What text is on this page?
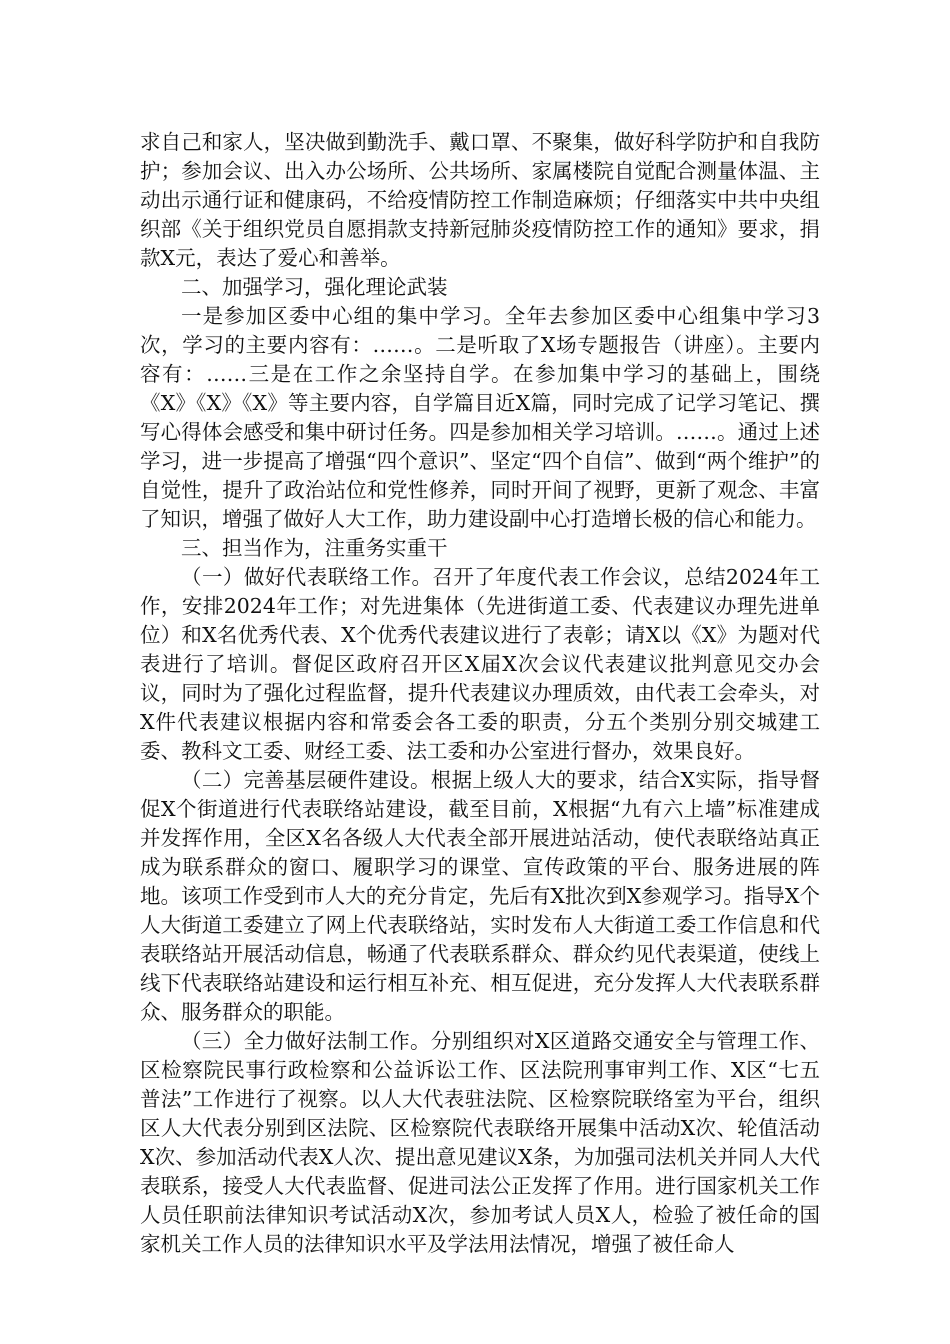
求自己和家人，坚决做到勤洗手、戴口罩、不聚集，做好科学防护和自我防护；参加会议、出入办公场所、公共场所、家属楼院自觉配合测量体温、主动出示通行证和健康码，不给疫情防控工作制造麻烦；仔细落实中共中央组织部《关于组织党员自愿捐款支持新冠肺炎疫情防控工作的通知》要求，捐款X元，表达了爱心和善举。

二、加强学习，强化理论武装

一是参加区委中心组的集中学习。全年去参加区委中心组集中学习3次，学习的主要内容有：……。二是听取了X场专题报告（讲座）。主要内容有：……三是在工作之余坚持自学。在参加集中学习的基础上，围绕《X》《X》《X》等主要内容，自学篇目近X篇，同时完成了记学习笔记、撰写心得体会感受和集中研讨任务。四是参加相关学习培训。……。通过上述学习，进一步提高了增强“四个意识”、坚定“四个自信”、做到“两个维护”的自觉性，提升了政治站位和党性修养，同时开间了视野，更新了观念、丰富了知识，增强了做好人大工作，助力建设副中心打造增长极的信心和能力。

三、担当作为，注重务实重干

（一）做好代表联络工作。召开了年度代表工作会议，总结2024年工作，安排2024年工作；对先进集体（先进街道工委、代表建议办理先进单位）和X名优秀代表、X个优秀代表建议进行了表彰；请X以《X》为题对代表进行了培训。督促区政府召开区X届X次会议代表建议批判意见交办会议，同时为了强化过程监督，提升代表建议办理质效，由代表工会牵头，对X件代表建议根据内容和常委会各工委的职责，分五个类别分别交城建工委、教科文工委、财经工委、法工委和办公室进行督办，效果良好。

（二）完善基层硬件建设。根据上级人大的要求，结合X实际，指导督促X个街道进行代表联络站建设，截至目前，X根据“九有六上墙”标准建成并发挥作用，全区X名各级人大代表全部开展进站活动，使代表联络站真正成为联系群众的窗口、履职学习的课堂、宣传政策的平台、服务进展的阵地。该项工作受到市人大的充分肯定，先后有X批次到X参观学习。指导X个人大街道工委建立了网上代表联络站，实时发布人大街道工委工作信息和代表联络站开展活动信息，畅通了代表联系群众、群众约见代表渠道，使线上线下代表联络站建设和运行相互补充、相互促进，充分发挥人大代表联系群众、服务群众的职能。

（三）全力做好法制工作。分别组织对X区道路交通安全与管理工作、区检察院民事行政检察和公益诉讼工作、区法院刑事审判工作、X区“七五普法”工作进行了视察。以人大代表驻法院、区检察院联络室为平台，组织区人大代表分别到区法院、区检察院代表联络开展集中活动X次、轮值活动X次、参加活动代表X人次、提出意见建议X条，为加强司法机关并同人大代表联系，接受人大代表监督、促进司法公正发挥了作用。进行国家机关工作人员任职前法律知识考试活动X次，参加考试人员X人，检验了被任命的国家机关工作人员的法律知识水平及学法用法情况，增强了被任命人
